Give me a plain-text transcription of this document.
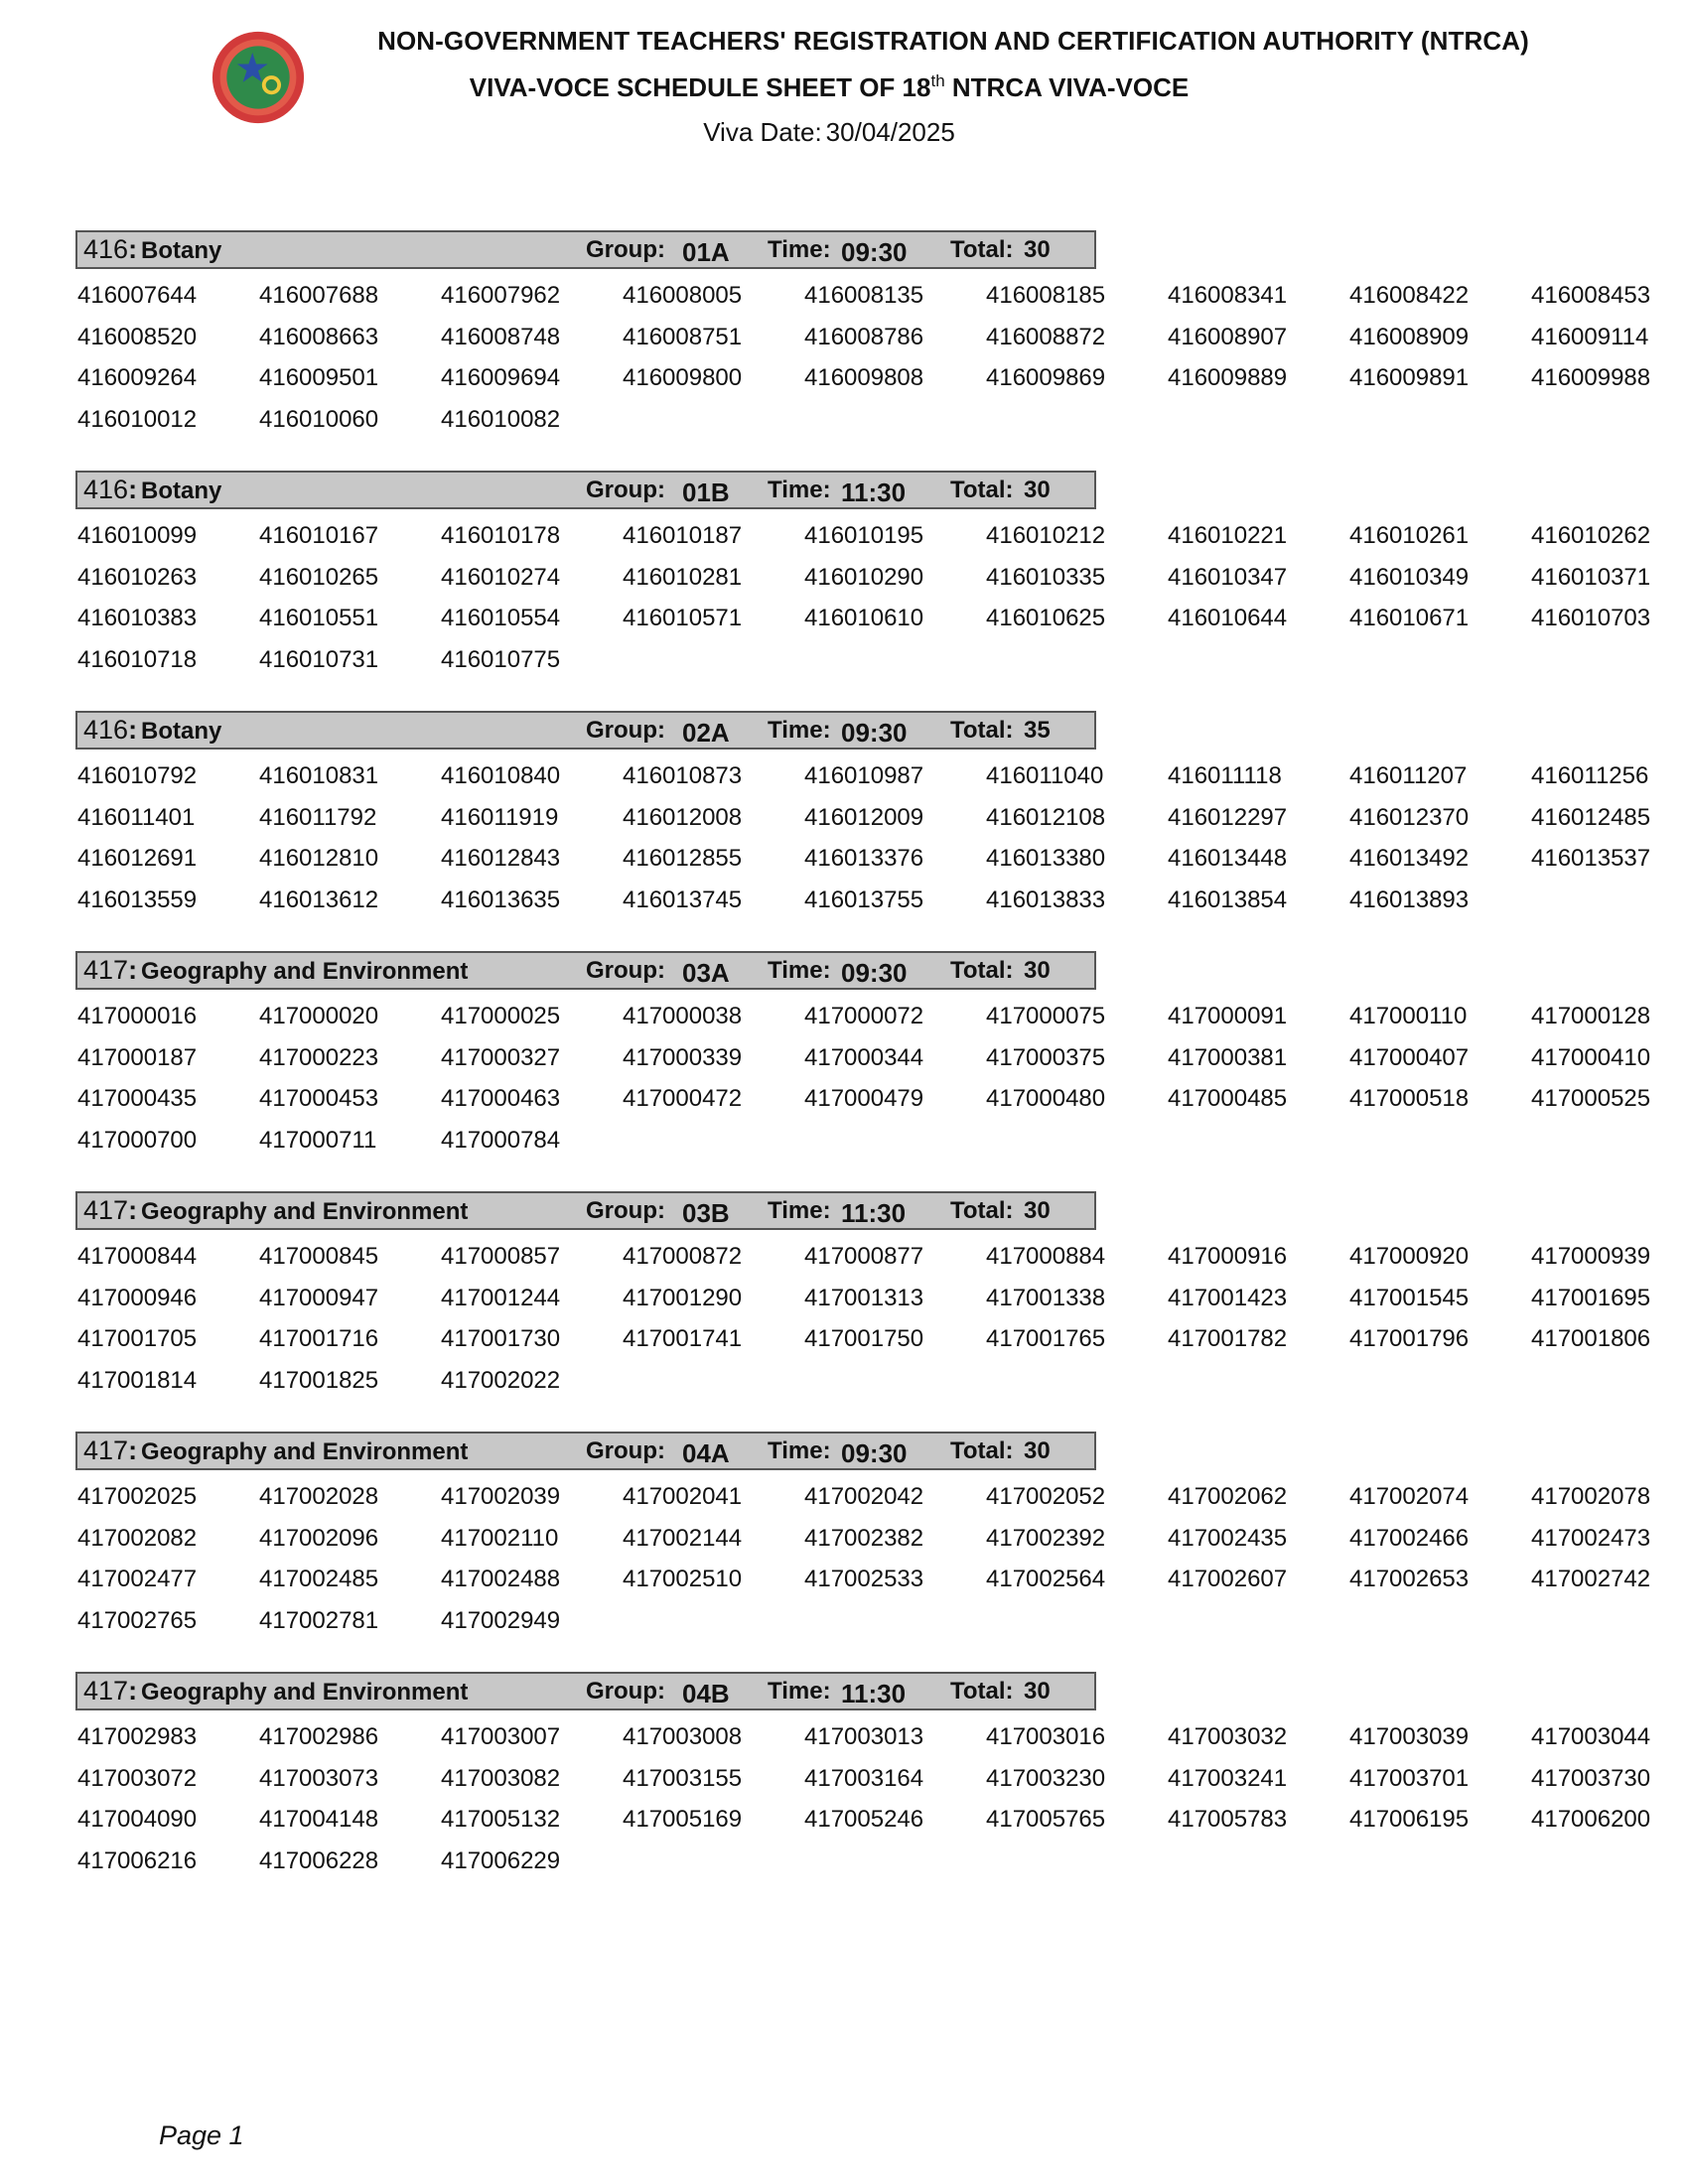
NON-GOVERNMENT TEACHERS' REGISTRATION AND CERTIFICATION AUTHORITY (NTRCA)
VIVA-VOCE SCHEDULE SHEET OF 18th NTRCA VIVA-VOCE
Viva Date: 30/04/2025
416: Botany	Group: 01A Time: 09:30 Total: 30
416007644	416007688	416007962	416008005	416008135	416008185	416008341	416008422	416008453
416008520	416008663	416008748	416008751	416008786	416008872	416008907	416008909	416009114
416009264	416009501	416009694	416009800	416009808	416009869	416009889	416009891	416009988
416010012	416010060	416010082
416: Botany	Group: 01B Time: 11:30 Total: 30
416010099	416010167	416010178	416010187	416010195	416010212	416010221	416010261	416010262
416010263	416010265	416010274	416010281	416010290	416010335	416010347	416010349	416010371
416010383	416010551	416010554	416010571	416010610	416010625	416010644	416010671	416010703
416010718	416010731	416010775
416: Botany	Group: 02A Time: 09:30 Total: 35
416010792	416010831	416010840	416010873	416010987	416011040	416011118	416011207	416011256
416011401	416011792	416011919	416012008	416012009	416012108	416012297	416012370	416012485
416012691	416012810	416012843	416012855	416013376	416013380	416013448	416013492	416013537
416013559	416013612	416013635	416013745	416013755	416013833	416013854	416013893
417: Geography and Environment	Group: 03A Time: 09:30 Total: 30
417000016	417000020	417000025	417000038	417000072	417000075	417000091	417000110	417000128
417000187	417000223	417000327	417000339	417000344	417000375	417000381	417000407	417000410
417000435	417000453	417000463	417000472	417000479	417000480	417000485	417000518	417000525
417000700	417000711	417000784
417: Geography and Environment	Group: 03B Time: 11:30 Total: 30
417000844	417000845	417000857	417000872	417000877	417000884	417000916	417000920	417000939
417000946	417000947	417001244	417001290	417001313	417001338	417001423	417001545	417001695
417001705	417001716	417001730	417001741	417001750	417001765	417001782	417001796	417001806
417001814	417001825	417002022
417: Geography and Environment	Group: 04A Time: 09:30 Total: 30
417002025	417002028	417002039	417002041	417002042	417002052	417002062	417002074	417002078
417002082	417002096	417002110	417002144	417002382	417002392	417002435	417002466	417002473
417002477	417002485	417002488	417002510	417002533	417002564	417002607	417002653	417002742
417002765	417002781	417002949
417: Geography and Environment	Group: 04B Time: 11:30 Total: 30
417002983	417002986	417003007	417003008	417003013	417003016	417003032	417003039	417003044
417003072	417003073	417003082	417003155	417003164	417003230	417003241	417003701	417003730
417004090	417004148	417005132	417005169	417005246	417005765	417005783	417006195	417006200
417006216	417006228	417006229
Page 1
